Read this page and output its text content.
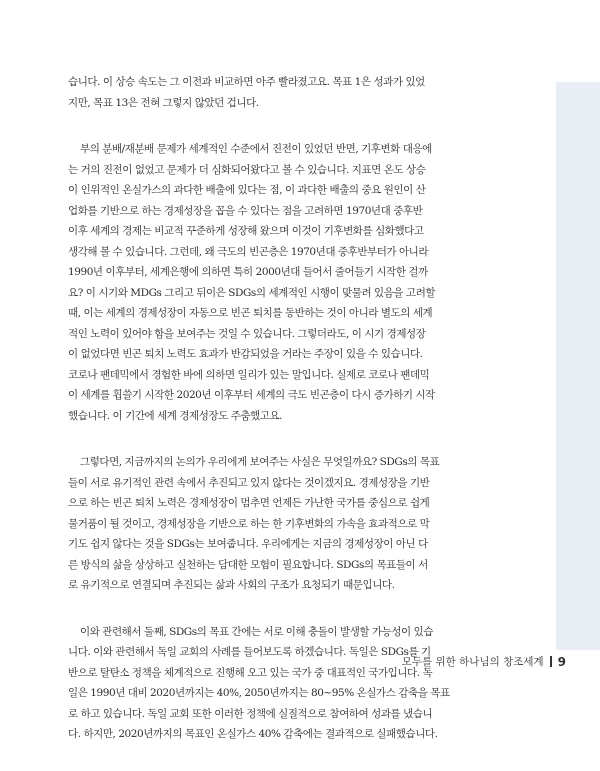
습니다. 이 상승 속도는 그 이전과 비교하면 아주 빨라졌고요. 목표 1은 성과가 있었
지만, 목표 13은 전혀 그렇지 않았던 겁니다.

부의 분배/재분배 문제가 세계적인 수준에서 진전이 있었던 반면, 기후변화 대응에
는 거의 진전이 없었고 문제가 더 심화되어왔다고 볼 수 있습니다. 지표면 온도 상승
이 인위적인 온실가스의 과다한 배출에 있다는 점, 이 과다한 배출의 중요 원인이 산
업화를 기반으로 하는 경제성장을 꼽을 수 있다는 점을 고려하면 1970년대 중후반
이후 세계의 경제는 비교적 꾸준하게 성장해 왔으며 이것이 기후변화를 심화했다고
생각해 볼 수 있습니다. 그런데, 왜 극도의 빈곤층은 1970년대 중후반부터가 아니라
1990년 이후부터, 세계은행에 의하면 특히 2000년대 들어서 줄어들기 시작한 걸까
요? 이 시기와 MDGs 그리고 뒤이은 SDGs의 세계적인 시행이 맞물려 있음을 고려할
때, 이는 세계의 경제성장이 자동으로 빈곤 퇴치를 동반하는 것이 아니라 별도의 세계
적인 노력이 있어야 함을 보여주는 것일 수 있습니다. 그렇더라도, 이 시기 경제성장
이 없었다면 빈곤 퇴치 노력도 효과가 반감되었을 거라는 주장이 있을 수 있습니다.
코로나 팬데믹에서 경험한 바에 의하면 일리가 있는 말입니다. 실제로 코로나 팬데믹
이 세계를 휩쓸기 시작한 2020년 이후부터 세계의 극도 빈곤층이 다시 증가하기 시작
했습니다. 이 기간에 세계 경제성장도 주춤했고요.

그렇다면, 지금까지의 논의가 우리에게 보여주는 사실은 무엇일까요? SDGs의 목표
들이 서로 유기적인 관련 속에서 추진되고 있지 않다는 것이겠지요. 경제성장을 기반
으로 하는 빈곤 퇴치 노력은 경제성장이 멈추면 언제든 가난한 국가를 중심으로 쉽게
물거품이 될 것이고, 경제성장을 기반으로 하는 한 기후변화의 가속을 효과적으로 막
기도 쉽지 않다는 것을 SDGs는 보여줍니다. 우리에게는 지금의 경제성장이 아닌 다
른 방식의 삶을 상상하고 실천하는 담대한 모험이 필요합니다. SDGs의 목표들이 서
로 유기적으로 연결되며 추진되는 삶과 사회의 구조가 요청되기 때문입니다.

이와 관련해서 둘째, SDGs의 목표 간에는 서로 이해 충돌이 발생할 가능성이 있습
니다. 이와 관련해서 독일 교회의 사례를 들어보도록 하겠습니다. 독일은 SDGs를 기
반으로 탈탄소 정책을 체계적으로 진행해 오고 있는 국가 중 대표적인 국가입니다. 독
일은 1990년 대비 2020년까지는 40%, 2050년까지는 80~95% 온실가스 감축을 목표
로 하고 있습니다. 독일 교회 또한 이러한 정책에 실질적으로 참여하여 성과를 냈습니
다. 하지만, 2020년까지의 목표인 온실가스 40% 감축에는 결과적으로 실패했습니다.

모두를 위한 하나님의 창조세계 9
